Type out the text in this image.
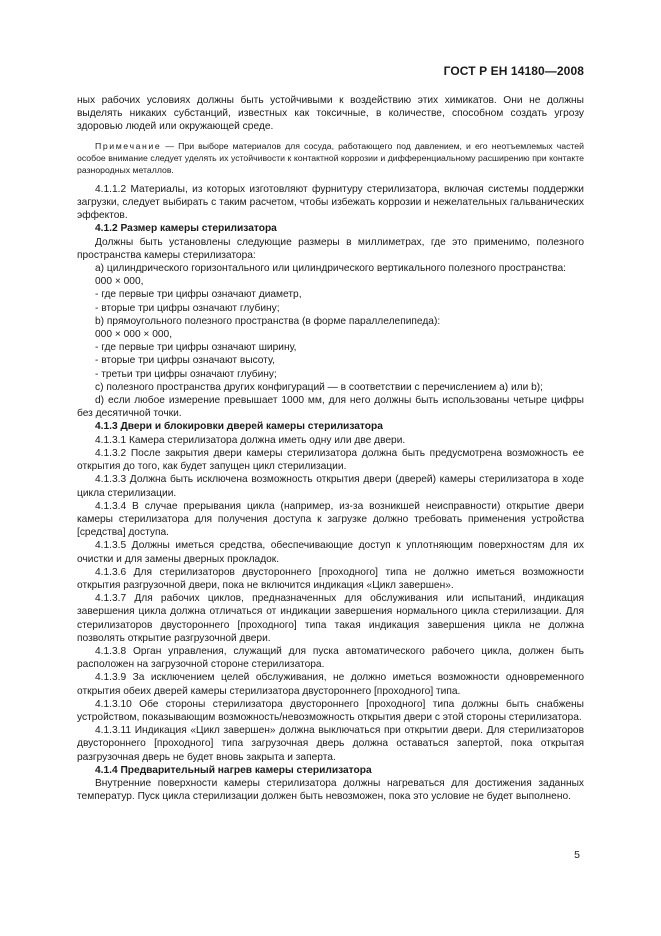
ГОСТ Р ЕН 14180—2008

ных рабочих условиях должны быть устойчивыми к воздействию этих химикатов. Они не должны выделять никаких субстанций, известных как токсичные, в количестве, способном создать угрозу здоровью людей или окружающей среде.

Примечание — При выборе материалов для сосуда, работающего под давлением, и его неотъемлемых частей особое внимание следует уделять их устойчивости к контактной коррозии и дифференциальному расширению при контакте разнородных металлов.

4.1.1.2 Материалы, из которых изготовляют фурнитуру стерилизатора, включая системы поддержки загрузки, следует выбирать с таким расчетом, чтобы избежать коррозии и нежелательных гальванических эффектов.

4.1.2 Размер камеры стерилизатора

Должны быть установлены следующие размеры в миллиметрах, где это применимо, полезного пространства камеры стерилизатора:

a) цилиндрического горизонтального или цилиндрического вертикального полезного пространства:

000 × 000,

- где первые три цифры означают диаметр,

- вторые три цифры означают глубину;

b) прямоугольного полезного пространства (в форме параллелепипеда):

000 × 000 × 000,

- где первые три цифры означают ширину,

- вторые три цифры означают высоту,

- третьи три цифры означают глубину;

c) полезного пространства других конфигураций — в соответствии с перечислением a) или b);

d) если любое измерение превышает 1000 мм, для него должны быть использованы четыре цифры без десятичной точки.

4.1.3 Двери и блокировки дверей камеры стерилизатора

4.1.3.1 Камера стерилизатора должна иметь одну или две двери.

4.1.3.2 После закрытия двери камеры стерилизатора должна быть предусмотрена возможность ее открытия до того, как будет запущен цикл стерилизации.

4.1.3.3 Должна быть исключена возможность открытия двери (дверей) камеры стерилизатора в ходе цикла стерилизации.

4.1.3.4 В случае прерывания цикла (например, из-за возникшей неисправности) открытие двери камеры стерилизатора для получения доступа к загрузке должно требовать применения устройства [средства] доступа.

4.1.3.5 Должны иметься средства, обеспечивающие доступ к уплотняющим поверхностям для их очистки и для замены дверных прокладок.

4.1.3.6 Для стерилизаторов двустороннего [проходного] типа не должно иметься возможности открытия разгрузочной двери, пока не включится индикация «Цикл завершен».

4.1.3.7 Для рабочих циклов, предназначенных для обслуживания или испытаний, индикация завершения цикла должна отличаться от индикации завершения нормального цикла стерилизации. Для стерилизаторов двустороннего [проходного] типа такая индикация завершения цикла не должна позволять открытие разгрузочной двери.

4.1.3.8 Орган управления, служащий для пуска автоматического рабочего цикла, должен быть расположен на загрузочной стороне стерилизатора.

4.1.3.9 За исключением целей обслуживания, не должно иметься возможности одновременного открытия обеих дверей камеры стерилизатора двустороннего [проходного] типа.

4.1.3.10 Обе стороны стерилизатора двустороннего [проходного] типа должны быть снабжены устройством, показывающим возможность/невозможность открытия двери с этой стороны стерилизатора.

4.1.3.11 Индикация «Цикл завершен» должна выключаться при открытии двери. Для стерилизаторов двустороннего [проходного] типа загрузочная дверь должна оставаться запертой, пока открытая разгрузочная дверь не будет вновь закрыта и заперта.

4.1.4 Предварительный нагрев камеры стерилизатора

Внутренние поверхности камеры стерилизатора должны нагреваться для достижения заданных температур. Пуск цикла стерилизации должен быть невозможен, пока это условие не будет выполнено.

5
